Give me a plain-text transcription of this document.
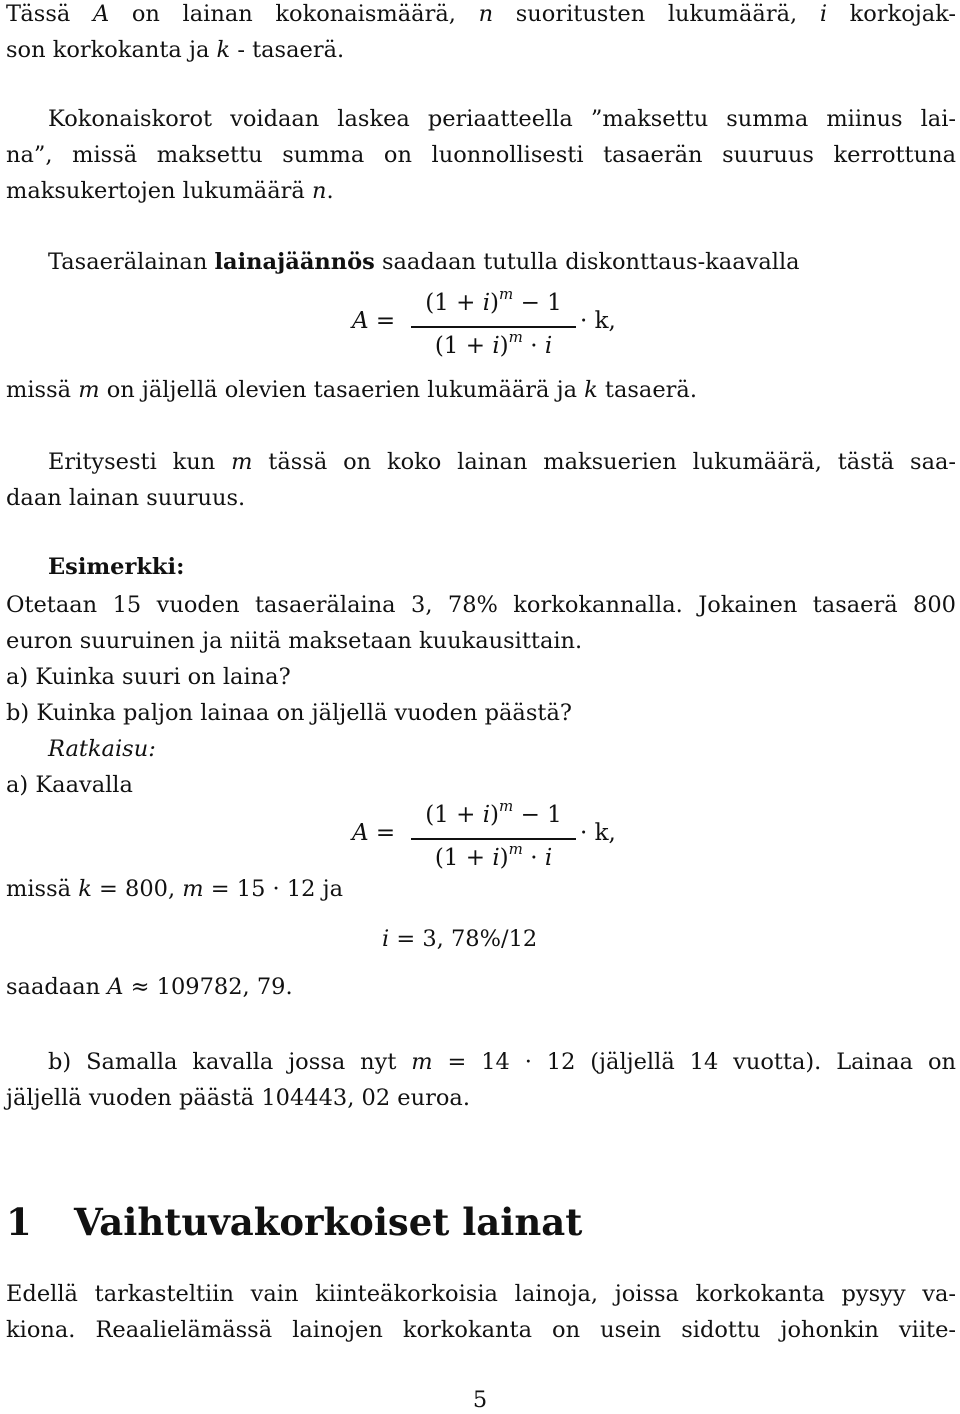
Tässä A on lainan kokonaismäärä, n suoritusten lukumäärä, i korkojak-
son korkokanta ja k - tasaerä.
Kokonaiskorot voidaan laskea periaatteella ”maksettu summa miinus lai-
na”, missä maksettu summa on luonnollisesti tasaerän suuruus kerrottuna
maksukertojen lukumäärä n.
Tasaerälainan lainajäännös saadaan tutulla diskonttaus-kaavalla
A =
$(1 + i)^m - 1$
$(1 + i)^m \cdot i$
· k,
missä m on jäljellä olevien tasaerien lukumäärä ja k tasaerä.
Eritysesti kun m tässä on koko lainan maksuerien lukumäärä, tästä saa-
daan lainan suuruus.
Esimerkki:
Otetaan 15 vuoden tasaerälaina 3, 78% korkokannalla. Jokainen tasaerä 800
euron suuruinen ja niitä maksetaan kuukausittain.
a) Kuinka suuri on laina?
b) Kuinka paljon lainaa on jäljellä vuoden päästä?
Ratkaisu:
a) Kaavalla
A =
$(1 + i)^m - 1$
$(1 + i)^m \cdot i$
· k,
missä k = 800, m = 15 · 12 ja
i = 3, 78%/12
saadaan A ≈ 109782, 79.
b) Samalla kavalla jossa nyt m = 14 · 12 (jäljellä 14 vuotta). Lainaa on
jäljellä vuoden päästä 104443, 02 euroa.
1 Vaihtuvakorkoiset lainat
Edellä tarkasteltiin vain kiinteäkorkoisia lainoja, joissa korkokanta pysyy va-
kiona. Reaalielämässä lainojen korkokanta on usein sidottu johonkin viite-
5
